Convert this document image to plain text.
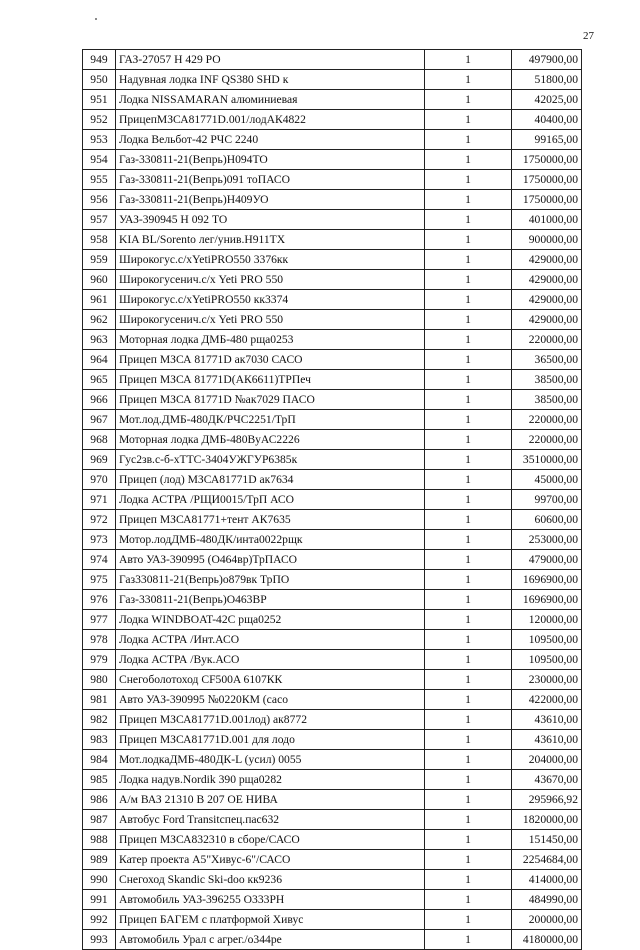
27
949	ГАЗ-27057 Н 429 РО	1	497900,00
950	Надувная лодка INF QS380 SHD к	1	51800,00
951	Лодка NISSAMARAN алюминиевая	1	42025,00
952	ПрицепМЗСА81771D.001/лодАК4822	1	40400,00
953	Лодка Вельбот-42 РЧС 2240	1	99165,00
954	Газ-330811-21(Вепрь)Н094ТО	1	1750000,00
955	Газ-330811-21(Вепрь)091 тоПАСО	1	1750000,00
956	Газ-330811-21(Вепрь)Н409УО	1	1750000,00
957	УАЗ-390945 Н 092 ТО	1	401000,00
958	KIA BL/Sorento лег/унив.Н911ТХ	1	900000,00
959	Широкогус.с/хYetiPRO550 3376кк	1	429000,00
960	Широкогусенич.с/х Yeti PRO 550	1	429000,00
961	Широкогус.с/хYetiPRO550 кк3374	1	429000,00
962	Широкогусенич.с/х Yeti PRO 550	1	429000,00
963	Моторная лодка ДМБ-480 рща0253	1	220000,00
964	Прицеп МЗСА 81771D ак7030 САСО	1	36500,00
965	Прицеп МЗСА 81771D(АК6611)ТРПеч	1	38500,00
966	Прицеп МЗСА 81771D №ак7029 ПАСО	1	38500,00
967	Мот.лод.ДМБ-480ДК/РЧС2251/ТрП	1	220000,00
968	Моторная лодка ДМБ-480ВуАС2226	1	220000,00
969	Гус2зв.с-б-хТТС-3404УЖГУР6385к	1	3510000,00
970	Прицеп (лод) МЗСА81771D ак7634	1	45000,00
971	Лодка АСТРА /РЩИ0015/ТрП АСО	1	99700,00
972	Прицеп МЗСА81771+тент АК7635	1	60600,00
973	Мотор.лодДМБ-480ДК/инта0022рщк	1	253000,00
974	Авто УАЗ-390995 (О464вр)ТрПАСО	1	479000,00
975	Газ330811-21(Вепрь)о879вк ТрПО	1	1696900,00
976	Газ-330811-21(Вепрь)О463ВР	1	1696900,00
977	Лодка WINDBOAT-42С рща0252	1	120000,00
978	Лодка АСТРА /Инт.АСО	1	109500,00
979	Лодка АСТРА /Вук.АСО	1	109500,00
980	Снегоболотоход CF500A 6107КК	1	230000,00
981	Авто УАЗ-390995 №0220КМ (саco	1	422000,00
982	Прицеп МЗСА81771D.001лод) ак8772	1	43610,00
983	Прицеп МЗСА81771D.001 для лодо	1	43610,00
984	Мот.лодкаДМБ-480ДК-L (усил) 0055	1	204000,00
985	Лодка надув.Nordik 390 рща0282	1	43670,00
986	А/м ВАЗ 21310 В 207 ОЕ НИВА	1	295966,92
987	Автобус Ford Transitспец.пас632	1	1820000,00
988	Прицеп МЗСА832310 в сборе/САСО	1	151450,00
989	Катер проекта А5"Хивус-6"/САСО	1	2254684,00
990	Снегоход Skandic Ski-doo кк9236	1	414000,00
991	Автомобиль УАЗ-396255 О333РН	1	484990,00
992	Прицеп БАГЕМ с платформой Хивус	1	200000,00
993	Автомобиль Урал с агрег./о344ре	1	4180000,00
